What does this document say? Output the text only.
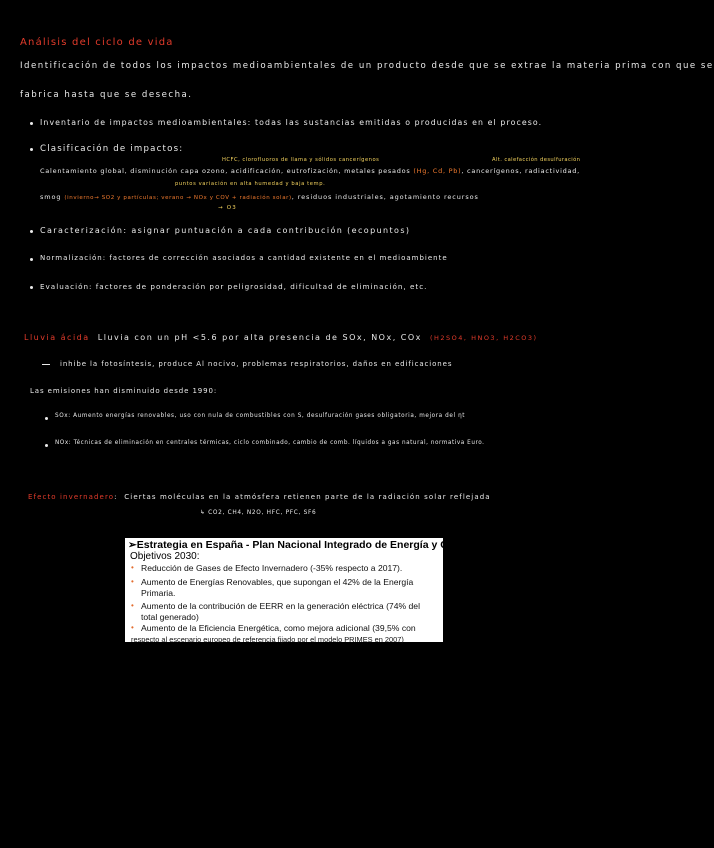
Análisis del ciclo de vida
Identificación de todos los impactos medioambientales de un producto desde que se extrae la materia prima con que se
fabrica hasta que se desecha.
Inventario de impactos medioambientales: todas las sustancias emitidas o producidas en el proceso.
Clasificación de impactos:
HCFC, clorofluoros de llama y sólidos cancerígenos	Alt. calefacción desulfuración
Calentamiento global, disminución capa ozono, acidificación, eutrofización, metales pesados (Hg, Cd, Pb), cancerígenos, radiactividad,
puntos variación en alta humedad y baja temp.
smog (invierno→ SO2 y partículas; verano → NOx y COV + radiación solar), residuos industriales, agotamiento recursos
→ O3
Caracterización: asignar puntuación a cada contribución (ecopuntos)
Normalización: factores de corrección asociados a cantidad existente en el medioambiente
Evaluación: factores de ponderación por peligrosidad, dificultad de eliminación, etc.
Lluvia ácida Lluvia con un pH <5.6 por alta presencia de SOx, NOx, COx (H2SO4, HNO3, H2CO3)
inhibe la fotosíntesis, produce Al nocivo, problemas respiratorios, daños en edificaciones
Las emisiones han disminuido desde 1990:
SOx: Aumento energías renovables, uso con nula de combustibles con S, desulfuración gases obligatoria, mejora del ηt
NOx: Técnicas de eliminación en centrales térmicas, ciclo combinado, cambio de comb. líquidos a gas natural, normativa Euro.
Efecto invernadero:  Ciertas moléculas en la atmósfera retienen parte de la radiación solar reflejada
↳ CO2, CH4, N2O, HFC, PFC, SF6
➢Estrategia en España - Plan Nacional Integrado de Energía y Clima.
Objetivos 2030:
• Reducción de Gases de Efecto Invernadero (-35% respecto a 2017).
• Aumento de Energías Renovables, que supongan el 42% de la Energía Primaria.
• Aumento de la contribución de EERR en la generación eléctrica (74% del total generado)
• Aumento de la Eficiencia Energética, como mejora adicional (39,5% con
respecto al escenario europeo de referencia fijado por el modelo PRIMES en 2007)
